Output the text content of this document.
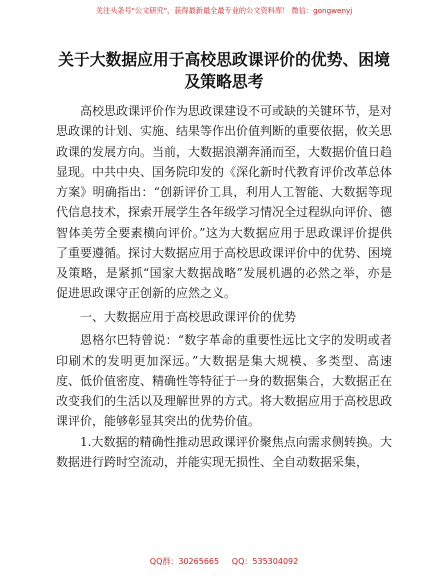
关注头条号"公文研究"，获得最新最全最专业的公文资料库！ 微信：gongwenyj
关于大数据应用于高校思政课评价的优势、困境及策略思考

高校思政课评价作为思政课建设不可或缺的关键环节，是对思政课的计划、实施、结果等作出价值判断的重要依据，攸关思政课的发展方向。当前，大数据浪潮奔涌而至，大数据价值日趋显现。中共中央、国务院印发的《深化新时代教育评价改革总体方案》明确指出：“创新评价工具，利用人工智能、大数据等现代信息技术，探索开展学生各年级学习情况全过程纵向评价、德智体美劳全要素横向评价。”这为大数据应用于思政课评价提供了重要遵循。探讨大数据应用于高校思政课评价中的优势、困境及策略，是紧抓“国家大数据战略”发展机遇的必然之举，亦是促进思政课守正创新的应然之义。

一、大数据应用于高校思政课评价的优势

恩格尔巴特曾说：“数字革命的重要性远比文字的发明或者印刷术的发明更加深远。”大数据是集大规模、多类型、高速度、低价值密度、精确性等特征于一身的数据集合，大数据正在改变我们的生活以及理解世界的方式。将大数据应用于高校思政课评价，能够彰显其突出的优势价值。

1.大数据的精确性推动思政课评价聚焦点向需求侧转换。大数据进行跨时空流动，并能实现无损性、全自动数据采集，

QQ群：30265665     QQ：535304092
